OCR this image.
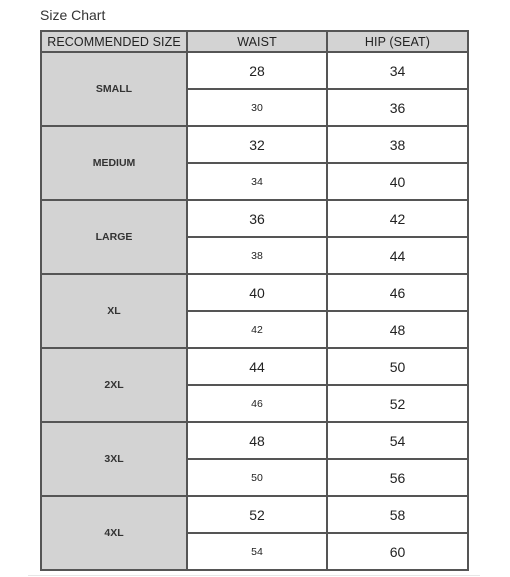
Size Chart
RECOMMENDED SIZE	WAIST	HIP (SEAT)
SMALL	28	34
	30	36
MEDIUM	32	38
	34	40
LARGE	36	42
	38	44
XL	40	46
	42	48
2XL	44	50
	46	52
3XL	48	54
	50	56
4XL	52	58
	54	60
